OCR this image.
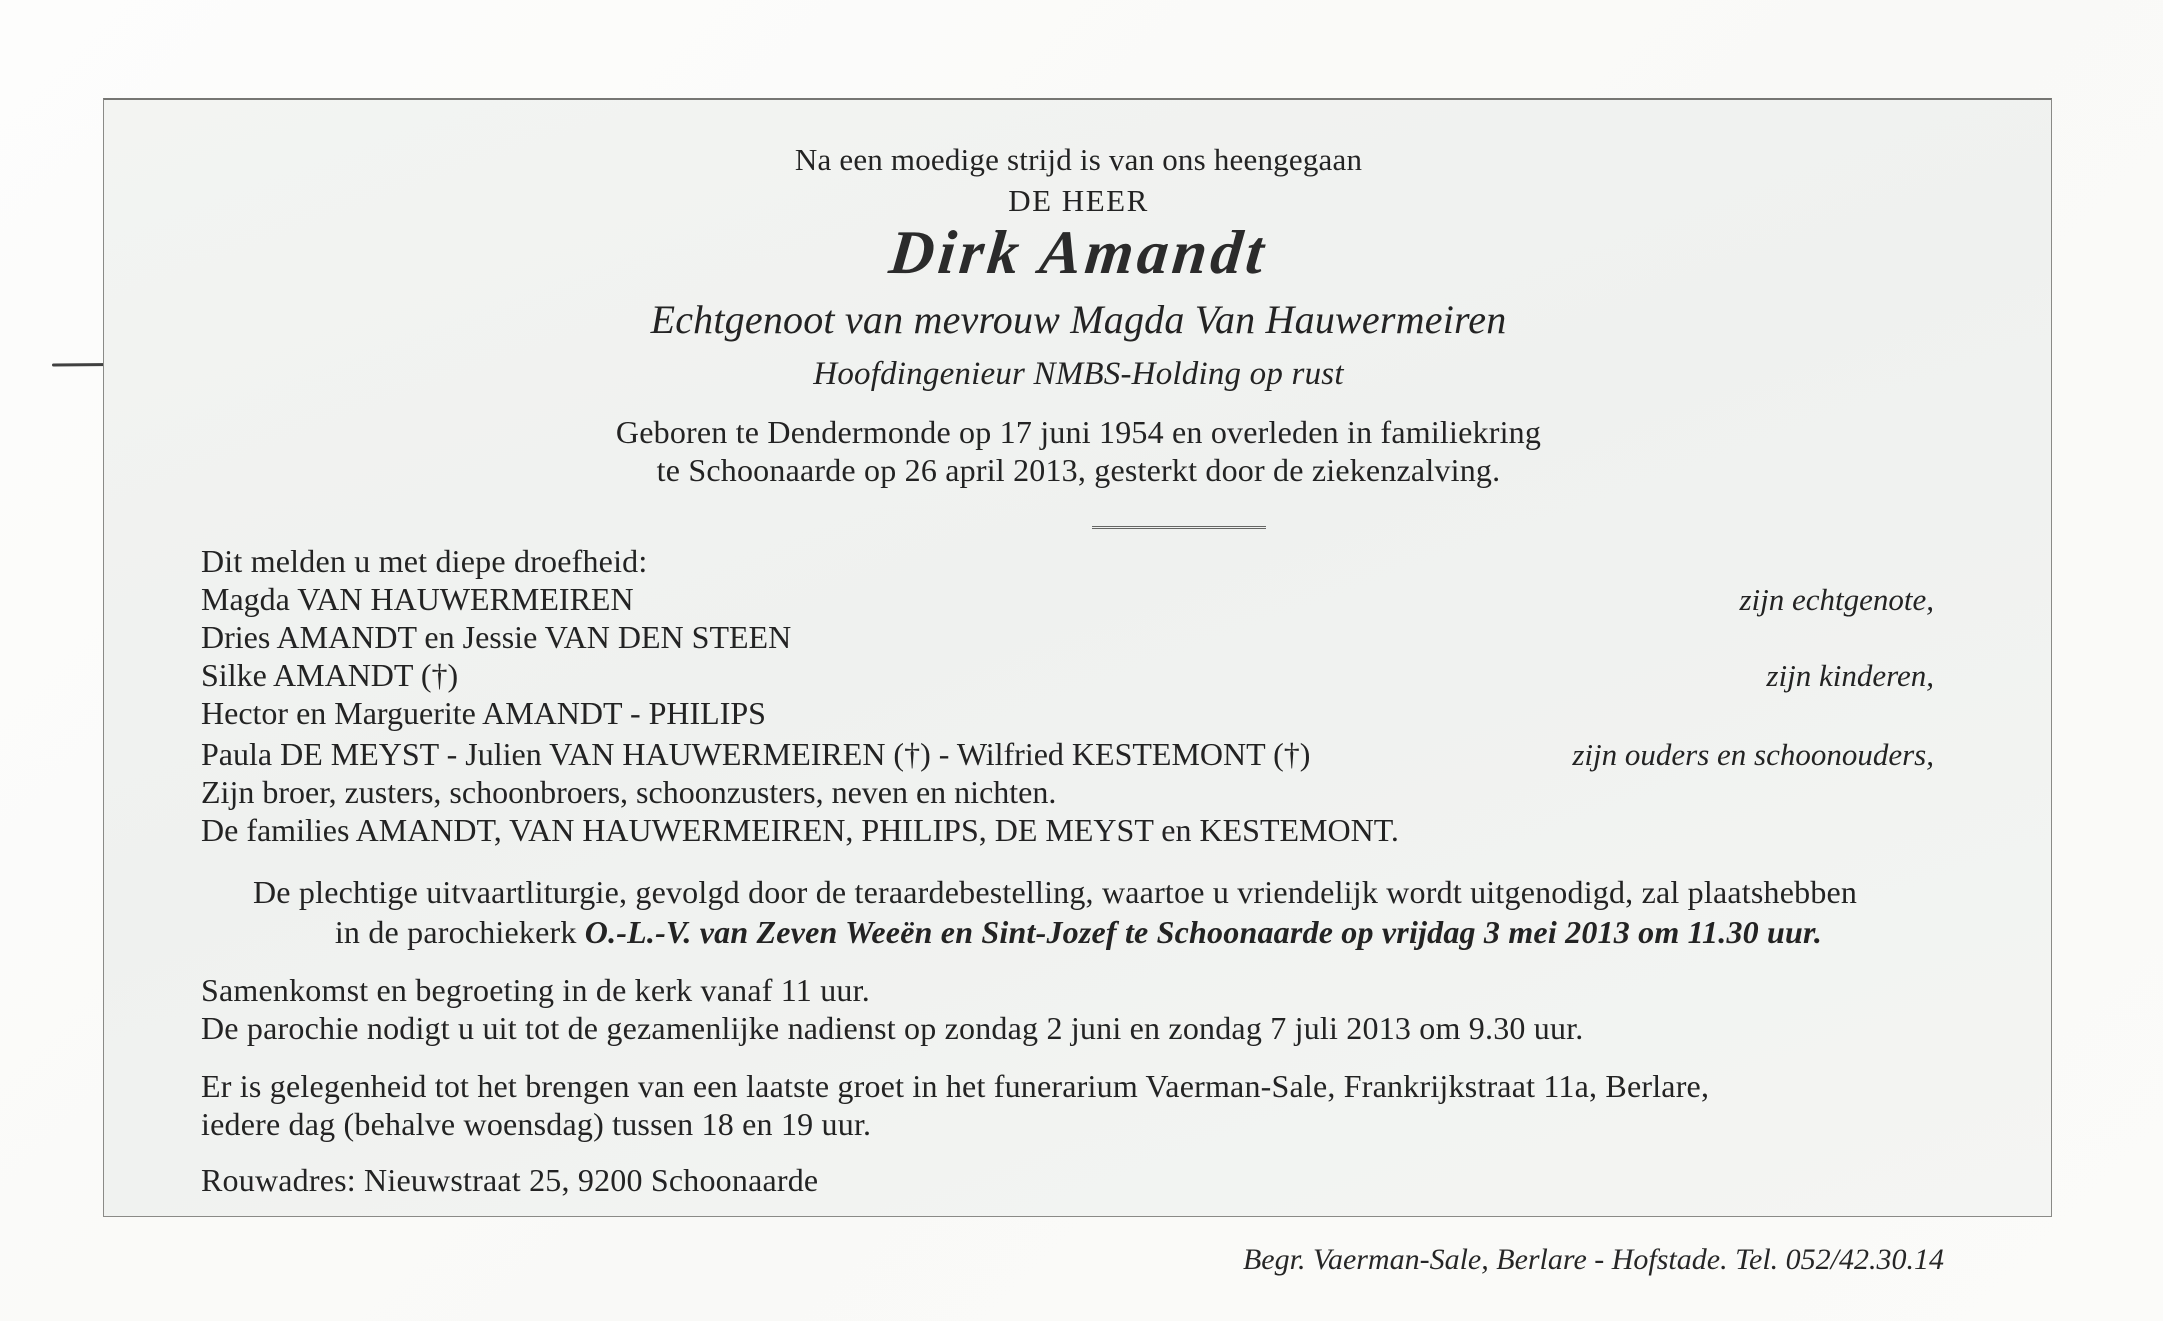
Na een moedige strijd is van ons heengegaan
DE HEER
Dirk Amandt
Echtgenoot van mevrouw Magda Van Hauwermeiren
Hoofdingenieur NMBS-Holding op rust
Geboren te Dendermonde op 17 juni 1954 en overleden in familiekring
te Schoonaarde op 26 april 2013, gesterkt door de ziekenzalving.
Dit melden u met diepe droefheid:
Magda VAN HAUWERMEIREN	zijn echtgenote,
Dries AMANDT en Jessie VAN DEN STEEN
Silke AMANDT (†)	zijn kinderen,
Hector en Marguerite AMANDT - PHILIPS
Paula DE MEYST - Julien VAN HAUWERMEIREN (†) - Wilfried KESTEMONT (†)	zijn ouders en schoonouders,
Zijn broer, zusters, schoonbroers, schoonzusters, neven en nichten.
De families AMANDT, VAN HAUWERMEIREN, PHILIPS, DE MEYST en KESTEMONT.
De plechtige uitvaartliturgie, gevolgd door de teraardebestelling, waartoe u vriendelijk wordt uitgenodigd, zal plaatshebben
in de parochiekerk O.-L.-V. van Zeven Weeën en Sint-Jozef te Schoonaarde op vrijdag 3 mei 2013 om 11.30 uur.
Samenkomst en begroeting in de kerk vanaf 11 uur.
De parochie nodigt u uit tot de gezamenlijke nadienst op zondag 2 juni en zondag 7 juli 2013 om 9.30 uur.
Er is gelegenheid tot het brengen van een laatste groet in het funerarium Vaerman-Sale, Frankrijkstraat 11a, Berlare,
iedere dag (behalve woensdag) tussen 18 en 19 uur.
Rouwadres: Nieuwstraat 25, 9200 Schoonaarde
Begr. Vaerman-Sale, Berlare - Hofstade. Tel. 052/42.30.14
